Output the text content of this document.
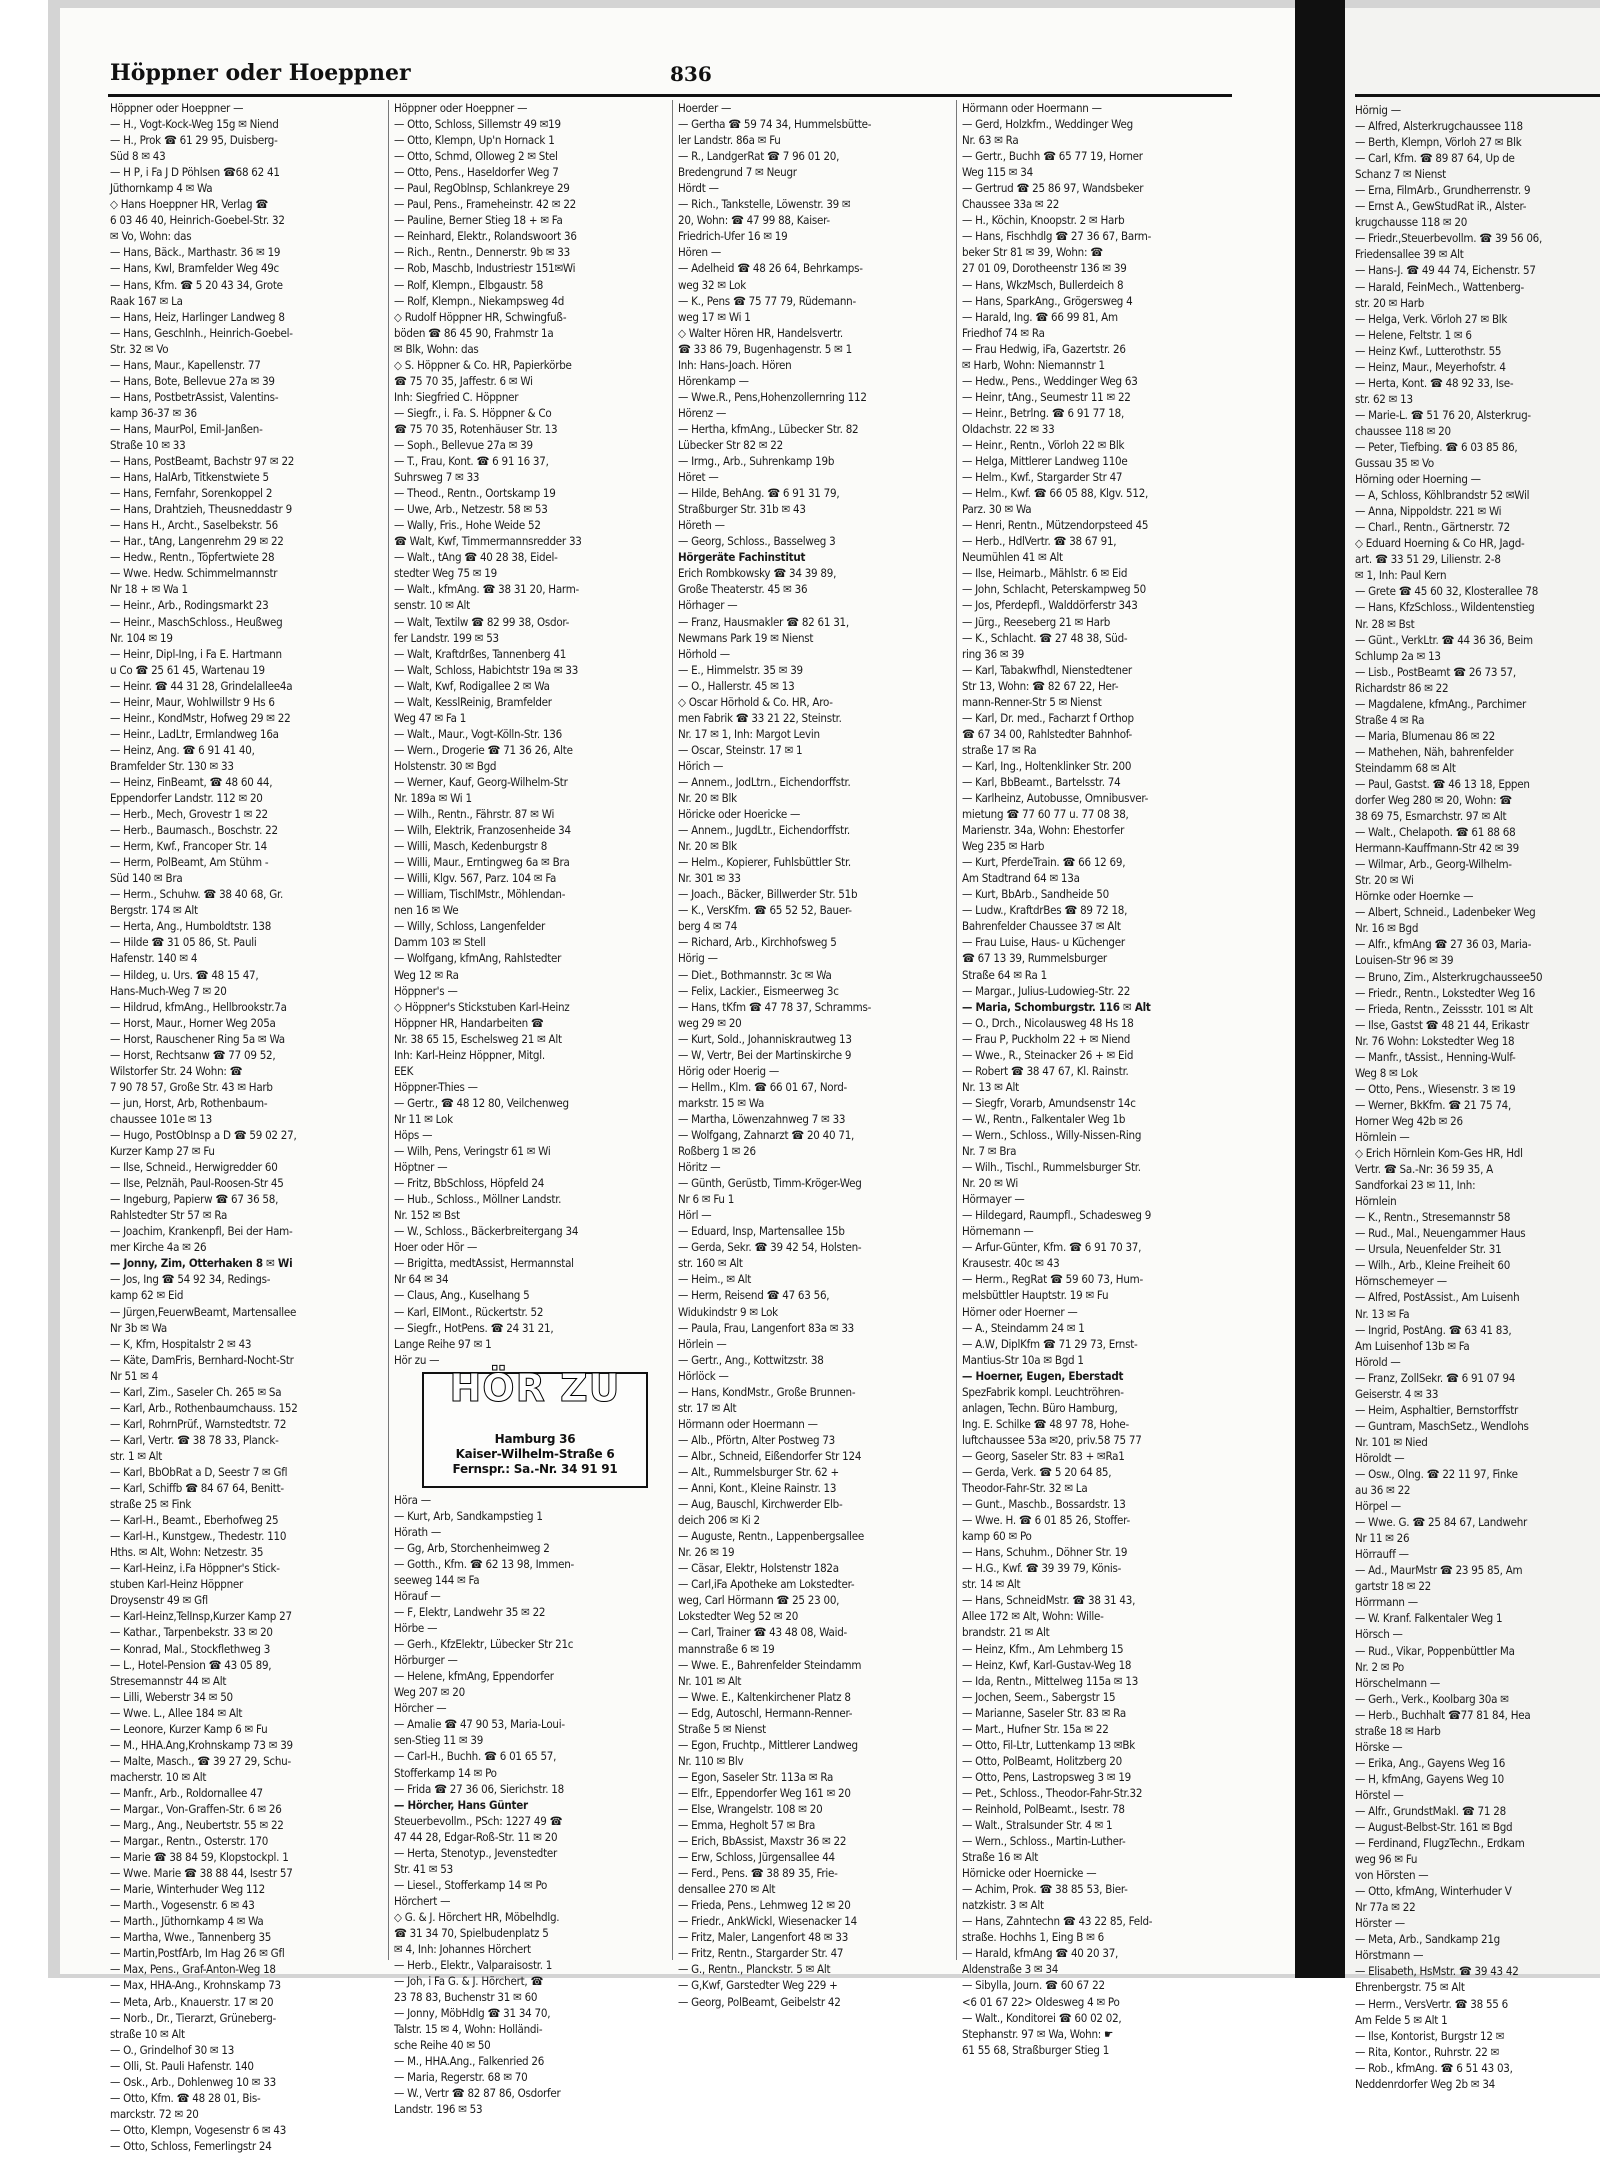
Hörnig —
— Alfred, Alsterkrugchaussee 118
— Berth, Klempn, Vörloh 27 ✉ Blk
— Carl, Kfm. ☎ 89 87 64, Up de
Schanz 7 ✉ Nienst
— Erna, FilmArb., Grundherrenstr. 9
— Ernst A., GewStudRat iR., Alster-
krugchausse 118 ✉ 20
— Friedr.,Steuerbevollm. ☎ 39 56 06,
Friedensallee 39 ✉ Alt
— Hans-J. ☎ 49 44 74, Eichenstr. 57
— Harald, FeinMech., Wattenberg-
str. 20 ✉ Harb
— Helga, Verk. Vörloh 27 ✉ Blk
— Helene, Feltstr. 1 ✉ 6
— Heinz Kwf., Lutterothstr. 55
— Heinz, Maur., Meyerhofstr. 4
— Herta, Kont. ☎ 48 92 33, Ise-
str. 62 ✉ 13
— Marie-L. ☎ 51 76 20, Alsterkrug-
chaussee 118 ✉ 20
— Peter, Tiefbing. ☎ 6 03 85 86,
Gussau 35 ✉ Vo
Hörning oder Hoerning —
— A, Schloss, Köhlbrandstr 52 ✉Wil
— Anna, Nippoldstr. 221 ✉ Wi
— Charl., Rentn., Gärtnerstr. 72
◇ Eduard Hoerning & Co HR, Jagd-
art. ☎ 33 51 29, Lilienstr. 2-8
✉ 1, Inh: Paul Kern
— Grete ☎ 45 60 32, Klosterallee 78
— Hans, KfzSchloss., Wildentenstieg
Nr. 28 ✉ Bst
— Günt., VerkLtr. ☎ 44 36 36, Beim
Schlump 2a ✉ 13
— Lisb., PostBeamt ☎ 26 73 57,
Richardstr 86 ✉ 22
— Magdalene, kfmAng., Parchimer
Straße 4 ✉ Ra
— Maria, Blumenau 86 ✉ 22
— Mathehen, Näh, bahrenfelder
Steindamm 68 ✉ Alt
— Paul, Gastst. ☎ 46 13 18, Eppen
dorfer Weg 280 ✉ 20, Wohn: ☎
38 69 75, Esmarchstr. 97 ✉ Alt
— Walt., Chelapoth. ☎ 61 88 68
Hermann-Kauffmann-Str 42 ✉ 39
— Wilmar, Arb., Georg-Wilhelm-
Str. 20 ✉ Wi
Hörnke oder Hoernke —
— Albert, Schneid., Ladenbeker Weg
Nr. 16 ✉ Bgd
— Alfr., kfmAng ☎ 27 36 03, Maria-
Louisen-Str 96 ✉ 39
— Bruno, Zim., Alsterkrugchaussee50
— Friedr., Rentn., Lokstedter Weg 16
— Frieda, Rentn., Zeissstr. 101 ✉ Alt
— Ilse, Gastst ☎ 48 21 44, Erikastr
Nr. 76 Wohn: Lokstedter Weg 18
— Manfr., tAssist., Henning-Wulf-
Weg 8 ✉ Lok
— Otto, Pens., Wiesenstr. 3 ✉ 19
— Werner, BkKfm. ☎ 21 75 74,
Horner Weg 42b ✉ 26
Hörnlein —
◇ Erich Hörnlein Kom-Ges HR, Hdl
Vertr. ☎ Sa.-Nr: 36 59 35, A
Sandforkai 23 ✉ 11, Inh:
Hörnlein
— K., Rentn., Stresemannstr 58
— Rud., Mal., Neuengammer Haus
— Ursula, Neuenfelder Str. 31
— Wilh., Arb., Kleine Freiheit 60
Hörnschemeyer —
— Alfred, PostAssist., Am Luisenh
Nr. 13 ✉ Fa
— Ingrid, PostAng. ☎ 63 41 83,
Am Luisenhof 13b ✉ Fa
Hörold —
— Franz, ZollSekr. ☎ 6 91 07 94
Geiserstr. 4 ✉ 33
— Heim, Asphaltier, Bernstorffstr
— Guntram, MaschSetz., Wendlohs
Nr. 101 ✉ Nied
Höroldt —
— Osw., Olng. ☎ 22 11 97, Finke
au 36 ✉ 22
Hörpel —
— Wwe. G. ☎ 25 84 67, Landwehr
Nr 11 ✉ 26
Hörrauff —
— Ad., MaurMstr ☎ 23 95 85, Am
gartstr 18 ✉ 22
Hörrmann —
— W. Kranf. Falkentaler Weg 1
Hörsch —
— Rud., Vikar, Poppenbüttler Ma
Nr. 2 ✉ Po
Hörschelmann —
— Gerh., Verk., Koolbarg 30a ✉
— Herb., Buchhalt ☎77 81 84, Hea
straße 18 ✉ Harb
Hörske —
— Erika, Ang., Gayens Weg 16
— H, kfmAng, Gayens Weg 10
Hörstel —
— Alfr., GrundstMakl. ☎ 71 28
— August-Belbst-Str. 161 ✉ Bgd
— Ferdinand, FlugzTechn., Erdkam
weg 96 ✉ Fu
von Hörsten —
— Otto, kfmAng, Winterhuder V
Nr 77a ✉ 22
Hörster —
— Meta, Arb., Sandkamp 21g
Hörstmann —
— Elisabeth, HsMstr. ☎ 39 43 42
Ehrenbergstr. 75 ✉ Alt
— Herm., VersVertr. ☎ 38 55 6
Am Felde 5 ✉ Alt 1
— Ilse, Kontorist, Burgstr 12 ✉
— Rita, Kontor., Ruhrstr. 22 ✉
— Rob., kfmAng. ☎ 6 51 43 03,
Neddenrdorfer Weg 2b ✉ 34
Höppner oder Hoeppner	836
Höppner oder Hoeppner —
— H., Vogt-Kock-Weg 15g ✉ Niend
— H., Prok ☎ 61 29 95, Duisberg-
Süd 8 ✉ 43
— H P, i Fa J D Pöhlsen ☎68 62 41
Jüthornkamp 4 ✉ Wa
◇ Hans Hoeppner HR, Verlag ☎
6 03 46 40, Heinrich-Goebel-Str. 32
✉ Vo, Wohn: das
— Hans, Bäck., Marthastr. 36 ✉ 19
— Hans, Kwl, Bramfelder Weg 49c
— Hans, Kfm. ☎ 5 20 43 34, Grote
Raak 167 ✉ La
— Hans, Heiz, Harlinger Landweg 8
— Hans, Geschlnh., Heinrich-Goebel-
Str. 32 ✉ Vo
— Hans, Maur., Kapellenstr. 77
— Hans, Bote, Bellevue 27a ✉ 39
— Hans, PostbetrAssist, Valentins-
kamp 36-37 ✉ 36
— Hans, MaurPol, Emil-Janßen-
Straße 10 ✉ 33
— Hans, PostBeamt, Bachstr 97 ✉ 22
— Hans, HalArb, Titkenstwiete 5
— Hans, Fernfahr, Sorenkoppel 2
— Hans, Drahtzieh, Theusneddastr 9
— Hans H., Archt., Saselbekstr. 56
— Har., tAng, Langenrehm 29 ✉ 22
— Hedw., Rentn., Töpfertwiete 28
— Wwe. Hedw. Schimmelmannstr
Nr 18 + ✉ Wa 1
— Heinr., Arb., Rodingsmarkt 23
— Heinr., MaschSchloss., Heußweg
Nr. 104 ✉ 19
— Heinr, Dipl-Ing, i Fa E. Hartmann
u Co ☎ 25 61 45, Wartenau 19
— Heinr. ☎ 44 31 28, Grindelallee4a
— Heinr, Maur, Wohlwillstr 9 Hs 6
— Heinr., KondMstr, Hofweg 29 ✉ 22
— Heinr., LadLtr, Ermlandweg 16a
— Heinz, Ang. ☎ 6 91 41 40,
Bramfelder Str. 130 ✉ 33
— Heinz, FinBeamt, ☎ 48 60 44,
Eppendorfer Landstr. 112 ✉ 20
— Herb., Mech, Grovestr 1 ✉ 22
— Herb., Baumasch., Boschstr. 22
— Herm, Kwf., Francoper Str. 14
— Herm, PolBeamt, Am Stühm -
Süd 140 ✉ Bra
— Herm., Schuhw. ☎ 38 40 68, Gr.
Bergstr. 174 ✉ Alt
— Herta, Ang., Humboldtstr. 138
— Hilde ☎ 31 05 86, St. Pauli
Hafenstr. 140 ✉ 4
— Hildeg, u. Urs. ☎ 48 15 47,
Hans-Much-Weg 7 ✉ 20
— Hildrud, kfmAng., Hellbrookstr.7a
— Horst, Maur., Horner Weg 205a
— Horst, Rauschener Ring 5a ✉ Wa
— Horst, Rechtsanw ☎ 77 09 52,
Wilstorfer Str. 24 Wohn: ☎
7 90 78 57, Große Str. 43 ✉ Harb
— jun, Horst, Arb, Rothenbaum-
chaussee 101e ✉ 13
— Hugo, PostObInsp a D ☎ 59 02 27,
Kurzer Kamp 27 ✉ Fu
— Ilse, Schneid., Herwigredder 60
— Ilse, Pelznäh, Paul-Roosen-Str 45
— Ingeburg, Papierw ☎ 67 36 58,
Rahlstedter Str 57 ✉ Ra
— Joachim, Krankenpfl, Bei der Ham-
mer Kirche 4a ✉ 26
— Jonny, Zim, Otterhaken 8 ✉ Wi
— Jos, Ing ☎ 54 92 34, Redings-
kamp 62 ✉ Eid
— Jürgen,FeuerwBeamt, Martensallee
Nr 3b ✉ Wa
— K, Kfm, Hospitalstr 2 ✉ 43
— Käte, DamFris, Bernhard-Nocht-Str
Nr 51 ✉ 4
— Karl, Zim., Saseler Ch. 265 ✉ Sa
— Karl, Arb., Rothenbaumchauss. 152
— Karl, RohrnPrüf., Warnstedtstr. 72
— Karl, Vertr. ☎ 38 78 33, Planck-
str. 1 ✉ Alt
— Karl, BbObRat a D, Seestr 7 ✉ Gfl
— Karl, Schiffb ☎ 84 67 64, Benitt-
straße 25 ✉ Fink
— Karl-H., Beamt., Eberhofweg 25
— Karl-H., Kunstgew., Thedestr. 110
Hths. ✉ Alt, Wohn: Netzestr. 35
— Karl-Heinz, i.Fa Höppner's Stick-
stuben Karl-Heinz Höppner
Droysenstr 49 ✉ Gfl
— Karl-Heinz,TelInsp,Kurzer Kamp 27
— Kathar., Tarpenbekstr. 33 ✉ 20
— Konrad, Mal., Stockflethweg 3
— L., Hotel-Pension ☎ 43 05 89,
Stresemannstr 44 ✉ Alt
— Lilli, Weberstr 34 ✉ 50
— Wwe. L., Allee 184 ✉ Alt
— Leonore, Kurzer Kamp 6 ✉ Fu
— M., HHA.Ang,Krohnskamp 73 ✉ 39
— Malte, Masch., ☎ 39 27 29, Schu-
macherstr. 10 ✉ Alt
— Manfr., Arb., Roldornallee 47
— Margar., Von-Graffen-Str. 6 ✉ 26
— Marg., Ang., Neubertstr. 55 ✉ 22
— Margar., Rentn., Osterstr. 170
— Marie ☎ 38 84 59, Klopstockpl. 1
— Wwe. Marie ☎ 38 88 44, Isestr 57
— Marie, Winterhuder Weg 112
— Marth., Vogesenstr. 6 ✉ 43
— Marth., Jüthornkamp 4 ✉ Wa
— Martha, Wwe., Tannenberg 35
— Martin,PostfArb, Im Hag 26 ✉ Gfl
— Max, Pens., Graf-Anton-Weg 18
— Max, HHA-Ang., Krohnskamp 73
— Meta, Arb., Knauerstr. 17 ✉ 20
— Norb., Dr., Tierarzt, Grüneberg-
straße 10 ✉ Alt
— O., Grindelhof 30 ✉ 13
— Olli, St. Pauli Hafenstr. 140
— Osk., Arb., Dohlenweg 10 ✉ 33
— Otto, Kfm. ☎ 48 28 01, Bis-
marckstr. 72 ✉ 20
— Otto, Klempn, Vogesenstr 6 ✉ 43
— Otto, Schloss, Femerlingstr 24
Höppner oder Hoeppner —
— Otto, Schloss, Sillemstr 49 ✉19
— Otto, Klempn, Up'n Hornack 1
— Otto, Schmd, Olloweg 2 ✉ Stel
— Otto, Pens., Haseldorfer Weg 7
— Paul, RegOblnsp, Schlankreye 29
— Paul, Pens., Frameheinstr. 42 ✉ 22
— Pauline, Berner Stieg 18 + ✉ Fa
— Reinhard, Elektr., Rolandswoort 36
— Rich., Rentn., Dennerstr. 9b ✉ 33
— Rob, Maschb, Industriestr 151✉Wi
— Rolf, Klempn., Elbgaustr. 58
— Rolf, Klempn., Niekampsweg 4d
◇ Rudolf Höppner HR, Schwingfuß-
böden ☎ 86 45 90, Frahmstr 1a
✉ Blk, Wohn: das
◇ S. Höppner & Co. HR, Papierkörbe
☎ 75 70 35, Jaffestr. 6 ✉ Wi
Inh: Siegfried C. Höppner
— Siegfr., i. Fa. S. Höppner & Co
☎ 75 70 35, Rotenhäuser Str. 13
— Soph., Bellevue 27a ✉ 39
— T., Frau, Kont. ☎ 6 91 16 37,
Suhrsweg 7 ✉ 33
— Theod., Rentn., Oortskamp 19
— Uwe, Arb., Netzestr. 58 ✉ 53
— Wally, Fris., Hohe Weide 52
☎ Walt, Kwf, Timmermannsredder 33
— Walt., tAng ☎ 40 28 38, Eidel-
stedter Weg 75 ✉ 19
— Walt., kfmAng. ☎ 38 31 20, Harm-
senstr. 10 ✉ Alt
— Walt, Textilw ☎ 82 99 38, Osdor-
fer Landstr. 199 ✉ 53
— Walt, Kraftdrßes, Tannenberg 41
— Walt, Schloss, Habichtstr 19a ✉ 33
— Walt, Kwf, Rodigallee 2 ✉ Wa
— Walt, KesslReinig, Bramfelder
Weg 47 ✉ Fa 1
— Walt., Maur., Vogt-Kölln-Str. 136
— Wern., Drogerie ☎ 71 36 26, Alte
Holstenstr. 30 ✉ Bgd
— Werner, Kauf, Georg-Wilhelm-Str
Nr. 189a ✉ Wi 1
— Wilh., Rentn., Fährstr. 87 ✉ Wi
— Wilh, Elektrik, Franzosenheide 34
— Willi, Masch, Kedenburgstr 8
— Willi, Maur., Erntingweg 6a ✉ Bra
— Willi, Klgv. 567, Parz. 104 ✉ Fa
— William, TischlMstr., Möhlendan-
nen 16 ✉ We
— Willy, Schloss, Langenfelder
Damm 103 ✉ Stell
— Wolfgang, kfmAng, Rahlstedter
Weg 12 ✉ Ra
Höppner's —
◇ Höppner's Stickstuben Karl-Heinz
Höppner HR, Handarbeiten ☎
Nr. 38 65 15, Eschelsweg 21 ✉ Alt
Inh: Karl-Heinz Höppner, Mitgl.
EEK
Höppner-Thies —
— Gertr., ☎ 48 12 80, Veilchenweg
Nr 11 ✉ Lok
Höps —
— Wilh, Pens, Veringstr 61 ✉ Wi
Höptner —
— Fritz, BbSchloss, Höpfeld 24
— Hub., Schloss., Möllner Landstr.
Nr. 152 ✉ Bst
— W., Schloss., Bäckerbreitergang 34
Hoer oder Hör —
— Brigitta, medtAssist, Hermannstal
Nr 64 ✉ 34
— Claus, Ang., Kuselhang 5
— Karl, ElMont., Rückertstr. 52
— Siegfr., HotPens. ☎ 24 31 21,
Lange Reihe 97 ✉ 1
Hör zu —
HÖR ZU
Hamburg 36
Kaiser-Wilhelm-Straße 6
Fernspr.: Sa.-Nr. 34 91 91
Höra —
— Kurt, Arb, Sandkampstieg 1
Hörath —
— Gg, Arb, Storchenheimweg 2
— Gotth., Kfm. ☎ 62 13 98, Immen-
seeweg 144 ✉ Fa
Hörauf —
— F, Elektr, Landwehr 35 ✉ 22
Hörbe —
— Gerh., KfzElektr, Lübecker Str 21c
Hörburger —
— Helene, kfmAng, Eppendorfer
Weg 207 ✉ 20
Hörcher —
— Amalie ☎ 47 90 53, Maria-Loui-
sen-Stieg 11 ✉ 39
— Carl-H., Buchh. ☎ 6 01 65 57,
Stofferkamp 14 ✉ Po
— Frida ☎ 27 36 06, Sierichstr. 18
— Hörcher, Hans Günter
Steuerbevollm., PSch: 1227 49 ☎
47 44 28, Edgar-Roß-Str. 11 ✉ 20
— Herta, Stenotyp., Jevenstedter
Str. 41 ✉ 53
— Liesel., Stofferkamp 14 ✉ Po
Hörchert —
◇ G. & J. Hörchert HR, Möbelhdlg.
☎ 31 34 70, Spielbudenplatz 5
✉ 4, Inh: Johannes Hörchert
— Herb., Elektr., Valparaisostr. 1
— Joh, i Fa G. & J. Hörchert, ☎
23 78 83, Buchenstr 31 ✉ 60
— Jonny, MöbHdlg ☎ 31 34 70,
Talstr. 15 ✉ 4, Wohn: Holländi-
sche Reihe 40 ✉ 50
— M., HHA.Ang., Falkenried 26
— Maria, Regerstr. 68 ✉ 70
— W., Vertr ☎ 82 87 86, Osdorfer
Landstr. 196 ✉ 53
Hoerder —
— Gertha ☎ 59 74 34, Hummelsbütte-
ler Landstr. 86a ✉ Fu
— R., LandgerRat ☎ 7 96 01 20,
Bredengrund 7 ✉ Neugr
Hördt —
— Rich., Tankstelle, Löwenstr. 39 ✉
20, Wohn: ☎ 47 99 88, Kaiser-
Friedrich-Ufer 16 ✉ 19
Hören —
— Adelheid ☎ 48 26 64, Behrkamps-
weg 32 ✉ Lok
— K., Pens ☎ 75 77 79, Rüdemann-
weg 17 ✉ Wi 1
◇ Walter Hören HR, Handelsvertr.
☎ 33 86 79, Bugenhagenstr. 5 ✉ 1
Inh: Hans-Joach. Hören
Hörenkamp —
— Wwe.R., Pens,Hohenzollernring 112
Hörenz —
— Hertha, kfmAng., Lübecker Str. 82
Lübecker Str 82 ✉ 22
— Irmg., Arb., Suhrenkamp 19b
Höret —
— Hilde, BehAng. ☎ 6 91 31 79,
Straßburger Str. 31b ✉ 43
Höreth —
— Georg, Schloss., Basselweg 3
Hörgeräte Fachinstitut
Erich Rombkowsky ☎ 34 39 89,
Große Theaterstr. 45 ✉ 36
Hörhager —
— Franz, Hausmakler ☎ 82 61 31,
Newmans Park 19 ✉ Nienst
Hörhold —
— E., Himmelstr. 35 ✉ 39
— O., Hallerstr. 45 ✉ 13
◇ Oscar Hörhold & Co. HR, Aro-
men Fabrik ☎ 33 21 22, Steinstr.
Nr. 17 ✉ 1, Inh: Margot Levin
— Oscar, Steinstr. 17 ✉ 1
Hörich —
— Annem., JodLtrn., Eichendorffstr.
Nr. 20 ✉ Blk
Höricke oder Hoericke —
— Annem., JugdLtr., Eichendorffstr.
Nr. 20 ✉ Blk
— Helm., Kopierer, Fuhlsbüttler Str.
Nr. 301 ✉ 33
— Joach., Bäcker, Billwerder Str. 51b
— K., VersKfm. ☎ 65 52 52, Bauer-
berg 4 ✉ 74
— Richard, Arb., Kirchhofsweg 5
Hörig —
— Diet., Bothmannstr. 3c ✉ Wa
— Felix, Lackier., Eismeerweg 3c
— Hans, tKfm ☎ 47 78 37, Schramms-
weg 29 ✉ 20
— Kurt, Sold., Johanniskrautweg 13
— W, Vertr, Bei der Martinskirche 9
Hörig oder Hoerig —
— Hellm., Klm. ☎ 66 01 67, Nord-
markstr. 15 ✉ Wa
— Martha, Löwenzahnweg 7 ✉ 33
— Wolfgang, Zahnarzt ☎ 20 40 71,
Roßberg 1 ✉ 26
Höritz —
— Günth, Gerüstb, Timm-Kröger-Weg
Nr 6 ✉ Fu 1
Hörl —
— Eduard, Insp, Martensallee 15b
— Gerda, Sekr. ☎ 39 42 54, Holsten-
str. 160 ✉ Alt
— Heim., ✉ Alt
— Herm, Reisend ☎ 47 63 56,
Widukindstr 9 ✉ Lok
— Paula, Frau, Langenfort 83a ✉ 33
Hörlein —
— Gertr., Ang., Kottwitzstr. 38
Hörlöck —
— Hans, KondMstr., Große Brunnen-
str. 17 ✉ Alt
Hörmann oder Hoermann —
— Alb., Pförtn, Alter Postweg 73
— Albr., Schneid, Eißendorfer Str 124
— Alt., Rummelsburger Str. 62 +
— Anni, Kont., Kleine Rainstr. 13
— Aug, Bauschl, Kirchwerder Elb-
deich 206 ✉ Ki 2
— Auguste, Rentn., Lappenbergsallee
Nr. 26 ✉ 19
— Cäsar, Elektr, Holstenstr 182a
— Carl,iFa Apotheke am Lokstedter-
weg, Carl Hörmann ☎ 25 23 00,
Lokstedter Weg 52 ✉ 20
— Carl, Trainer ☎ 43 48 08, Waid-
mannstraße 6 ✉ 19
— Wwe. E., Bahrenfelder Steindamm
Nr. 101 ✉ Alt
— Wwe. E., Kaltenkirchener Platz 8
— Edg, Autoschl, Hermann-Renner-
Straße 5 ✉ Nienst
— Egon, Fruchtp., Mittlerer Landweg
Nr. 110 ✉ Blv
— Egon, Saseler Str. 113a ✉ Ra
— Elfr., Eppendorfer Weg 161 ✉ 20
— Else, Wrangelstr. 108 ✉ 20
— Emma, Hegholt 57 ✉ Bra
— Erich, BbAssist, Maxstr 36 ✉ 22
— Erw, Schloss, Jürgensallee 44
— Ferd., Pens. ☎ 38 89 35, Frie-
densallee 270 ✉ Alt
— Frieda, Pens., Lehmweg 12 ✉ 20
— Friedr., AnkWickl, Wiesenacker 14
— Fritz, Maler, Langenfort 48 ✉ 33
— Fritz, Rentn., Stargarder Str. 47
— G., Rentn., Planckstr. 5 ✉ Alt
— G,Kwf, Garstedter Weg 229 +
— Georg, PolBeamt, Geibelstr 42
Hörmann oder Hoermann —
— Gerd, Holzkfm., Weddinger Weg
Nr. 63 ✉ Ra
— Gertr., Buchh ☎ 65 77 19, Horner
Weg 115 ✉ 34
— Gertrud ☎ 25 86 97, Wandsbeker
Chaussee 33a ✉ 22
— H., Köchin, Knoopstr. 2 ✉ Harb
— Hans, Fischhdlg ☎ 27 36 67, Barm-
beker Str 81 ✉ 39, Wohn: ☎
27 01 09, Dorotheenstr 136 ✉ 39
— Hans, WkzMsch, Bullerdeich 8
— Hans, SparkAng., Grögersweg 4
— Harald, Ing. ☎ 66 99 81, Am
Friedhof 74 ✉ Ra
— Frau Hedwig, iFa, Gazertstr. 26
✉ Harb, Wohn: Niemannstr 1
— Hedw., Pens., Weddinger Weg 63
— Heinr, tAng., Seumestr 11 ✉ 22
— Heinr., Betrlng. ☎ 6 91 77 18,
Oldachstr. 22 ✉ 33
— Heinr., Rentn., Vörloh 22 ✉ Blk
— Helga, Mittlerer Landweg 110e
— Helm., Kwf., Stargarder Str 47
— Helm., Kwf. ☎ 66 05 88, Klgv. 512,
Parz. 30 ✉ Wa
— Henri, Rentn., Mützendorpsteed 45
— Herb., HdlVertr. ☎ 38 67 91,
Neumühlen 41 ✉ Alt
— Ilse, Heimarb., Mählstr. 6 ✉ Eid
— John, Schlacht, Peterskampweg 50
— Jos, Pferdepfl., Walddörferstr 343
— Jürg., Reeseberg 21 ✉ Harb
— K., Schlacht. ☎ 27 48 38, Süd-
ring 36 ✉ 39
— Karl, Tabakwfhdl, Nienstedtener
Str 13, Wohn: ☎ 82 67 22, Her-
mann-Renner-Str 5 ✉ Nienst
— Karl, Dr. med., Facharzt f Orthop
☎ 67 34 00, Rahlstedter Bahnhof-
straße 17 ✉ Ra
— Karl, Ing., Holtenklinker Str. 200
— Karl, BbBeamt., Bartelsstr. 74
— Karlheinz, Autobusse, Omnibusver-
mietung ☎ 77 60 77 u. 77 08 38,
Marienstr. 34a, Wohn: Ehestorfer
Weg 235 ✉ Harb
— Kurt, PferdeTrain. ☎ 66 12 69,
Am Stadtrand 64 ✉ 13a
— Kurt, BbArb., Sandheide 50
— Ludw., KraftdrBes ☎ 89 72 18,
Bahrenfelder Chaussee 37 ✉ Alt
— Frau Luise, Haus- u Küchenger
☎ 67 13 39, Rummelsburger
Straße 64 ✉ Ra 1
— Margar., Julius-Ludowieg-Str. 22
— Maria, Schomburgstr. 116 ✉ Alt
— O., Drch., Nicolausweg 48 Hs 18
— Frau P, Puckholm 22 + ✉ Niend
— Wwe., R., Steinacker 26 + ✉ Eid
— Robert ☎ 38 47 67, Kl. Rainstr.
Nr. 13 ✉ Alt
— Siegfr, Vorarb, Amundsenstr 14c
— W., Rentn., Falkentaler Weg 1b
— Wern., Schloss., Willy-Nissen-Ring
Nr. 7 ✉ Bra
— Wilh., Tischl., Rummelsburger Str.
Nr. 20 ✉ Wi
Hörmayer —
— Hildegard, Raumpfl., Schadesweg 9
Hörnemann —
— Arfur-Günter, Kfm. ☎ 6 91 70 37,
Krausestr. 40c ✉ 43
— Herm., RegRat ☎ 59 60 73, Hum-
melsbüttler Hauptstr. 19 ✉ Fu
Hörner oder Hoerner —
— A., Steindamm 24 ✉ 1
— A.W, DiplKfm ☎ 71 29 73, Ernst-
Mantius-Str 10a ✉ Bgd 1
— Hoerner, Eugen, Eberstadt
SpezFabrik kompl. Leuchtröhren-
anlagen, Techn. Büro Hamburg,
Ing. E. Schilke ☎ 48 97 78, Hohe-
luftchaussee 53a ✉20, priv.58 75 77
— Georg, Saseler Str. 83 + ✉Ra1
— Gerda, Verk. ☎ 5 20 64 85,
Theodor-Fahr-Str. 32 ✉ La
— Gunt., Maschb., Bossardstr. 13
— Wwe. H. ☎ 6 01 85 26, Stoffer-
kamp 60 ✉ Po
— Hans, Schuhm., Döhner Str. 19
— H.G., Kwf. ☎ 39 39 79, Könis-
str. 14 ✉ Alt
— Hans, SchneidMstr. ☎ 38 31 43,
Allee 172 ✉ Alt, Wohn: Wille-
brandstr. 21 ✉ Alt
— Heinz, Kfm., Am Lehmberg 15
— Heinz, Kwf, Karl-Gustav-Weg 18
— Ida, Rentn., Mittelweg 115a ✉ 13
— Jochen, Seem., Sabergstr 15
— Marianne, Saseler Str. 83 ✉ Ra
— Mart., Hufner Str. 15a ✉ 22
— Otto, Fil-Ltr, Luttenkamp 13 ✉Bk
— Otto, PolBeamt, Holitzberg 20
— Otto, Pens, Lastropsweg 3 ✉ 19
— Pet., Schloss., Theodor-Fahr-Str.32
— Reinhold, PolBeamt., Isestr. 78
— Walt., Stralsunder Str. 4 ✉ 1
— Wern., Schloss., Martin-Luther-
Straße 16 ✉ Alt
Hörnicke oder Hoernicke —
— Achim, Prok. ☎ 38 85 53, Bier-
natzkistr. 3 ✉ Alt
— Hans, Zahntechn ☎ 43 22 85, Feld-
straße. Hochhs 1, Eing B ✉ 6
— Harald, kfmAng ☎ 40 20 37,
Aldenstraße 3 ✉ 34
— Sibylla, Journ. ☎ 60 67 22
<6 01 67 22> Oldesweg 4 ✉ Po
— Walt., Konditorei ☎ 60 02 02,
Stephanstr. 97 ✉ Wa, Wohn: ☛
61 55 68, Straßburger Stieg 1
